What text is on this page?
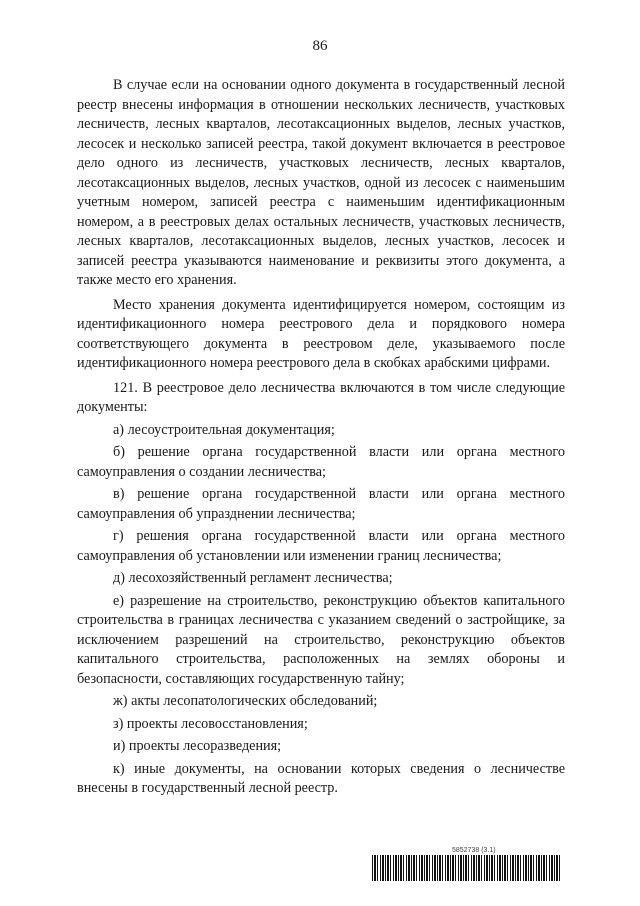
86

В случае если на основании одного документа в государственный лесной реестр внесены информация в отношении нескольких лесничеств, участковых лесничеств, лесных кварталов, лесотаксационных выделов, лесных участков, лесосек и несколько записей реестра, такой документ включается в реестровое дело одного из лесничеств, участковых лесничеств, лесных кварталов, лесотаксационных выделов, лесных участков, одной из лесосек с наименьшим учетным номером, записей реестра с наименьшим идентификационным номером, а в реестровых делах остальных лесничеств, участковых лесничеств, лесных кварталов, лесотаксационных выделов, лесных участков, лесосек и записей реестра указываются наименование и реквизиты этого документа, а также место его хранения.

Место хранения документа идентифицируется номером, состоящим из идентификационного номера реестрового дела и порядкового номера соответствующего документа в реестровом деле, указываемого после идентификационного номера реестрового дела в скобках арабскими цифрами.

121. В реестровое дело лесничества включаются в том числе следующие документы:

а) лесоустроительная документация;
б) решение органа государственной власти или органа местного самоуправления о создании лесничества;
в) решение органа государственной власти или органа местного самоуправления об упразднении лесничества;
г) решения органа государственной власти или органа местного самоуправления об установлении или изменении границ лесничества;
д) лесохозяйственный регламент лесничества;
е) разрешение на строительство, реконструкцию объектов капитального строительства в границах лесничества с указанием сведений о застройщике, за исключением разрешений на строительство, реконструкцию объектов капитального строительства, расположенных на землях обороны и безопасности, составляющих государственную тайну;
ж) акты лесопатологических обследований;
з) проекты лесовосстановления;
и) проекты лесоразведения;
к) иные документы, на основании которых сведения о лесничестве внесены в государственный лесной реестр.
5852738 (3.1)
